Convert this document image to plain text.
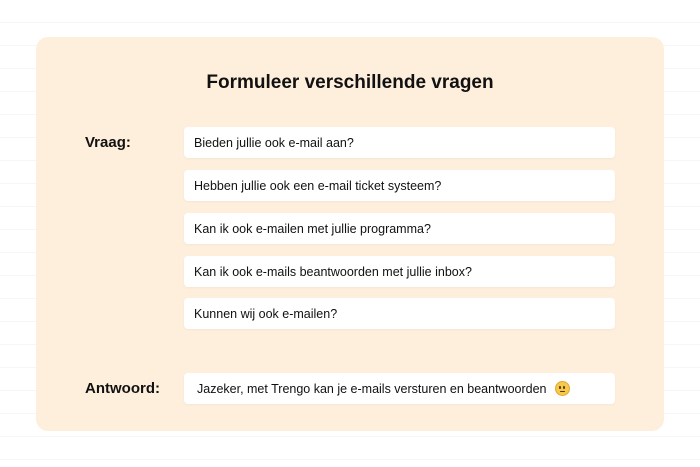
Formuleer verschillende vragen
Vraag:	Bieden jullie ook e-mail aan?
Hebben jullie ook een e-mail ticket systeem?
Kan ik ook e-mailen met jullie programma?
Kan ik ook e-mails beantwoorden met jullie inbox?
Kunnen wij ook e-mailen?
Antwoord:	Jazeker, met Trengo kan je e-mails versturen en beantwoorden
